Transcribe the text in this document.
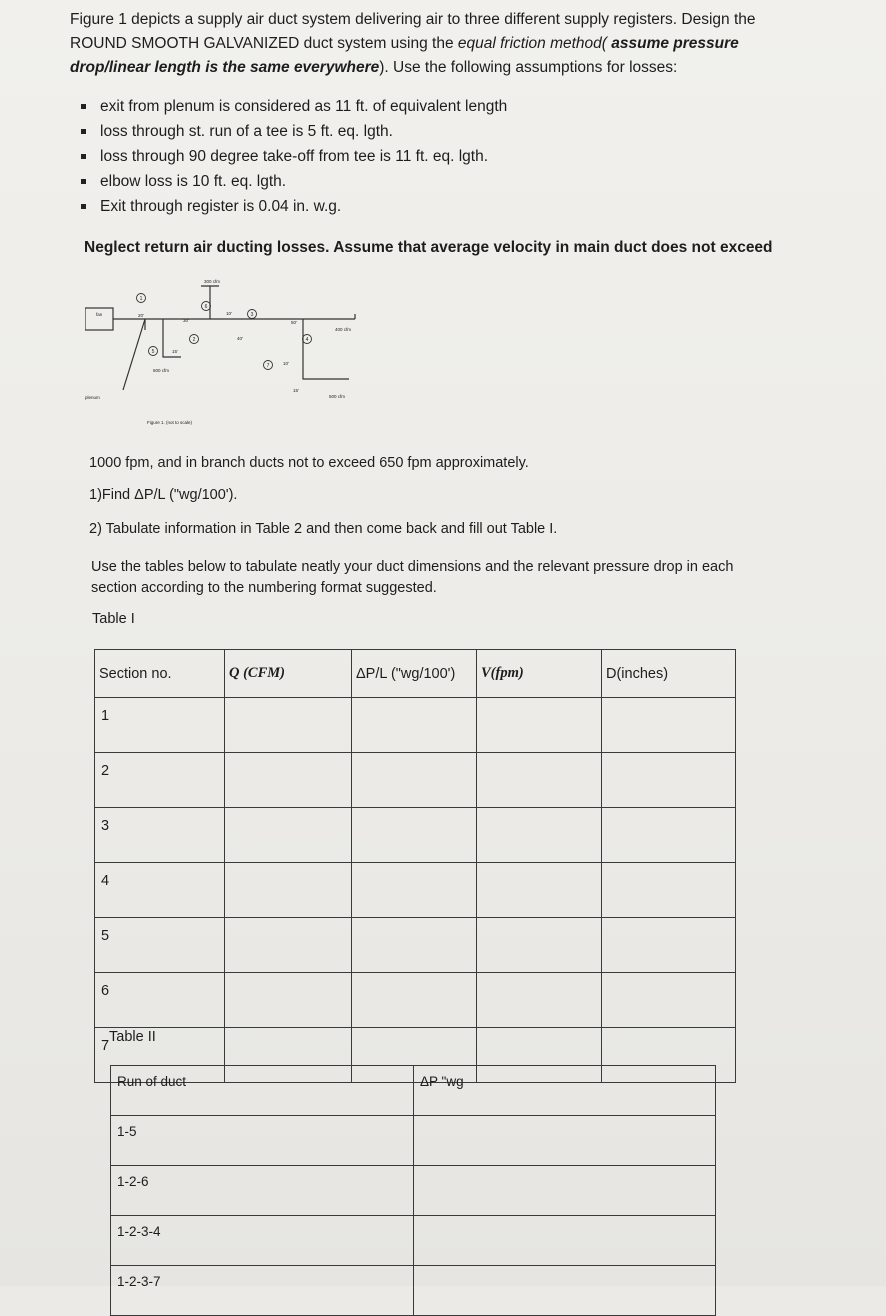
Figure 1 depicts a supply air duct system delivering air to three different supply registers. Design the ROUND SMOOTH GALVANIZED duct system using the equal friction method( assume pressure drop/linear length is the same everywhere). Use the following assumptions for losses:
exit from plenum is considered as 11 ft. of equivalent length
loss through st. run of a tee is 5 ft. eq. lgth.
loss through 90 degree take-off from tee is 11 ft. eq. lgth.
elbow loss is 10 ft. eq. lgth.
Exit through register is 0.04 in. w.g.
Neglect return air ducting losses. Assume that average velocity in main duct does not exceed
1
2
3
4
5
6
7
fan
plenum
20'
30'
10'
40'
50'
15'
10'
15'
300 cfm
400 cfm
600 cfm
500 cfm
Figure 1. (not to scale)
1000 fpm, and in branch ducts not to exceed 650 fpm approximately.
1)Find ΔP/L ("wg/100').
2) Tabulate information in Table 2 and then come back and fill out Table I.
Use the tables below to tabulate neatly your duct dimensions and the relevant pressure drop in each section according to the numbering format suggested.
Table I
Section no.	Q (CFM)	ΔP/L ("wg/100')	V(fpm)	D(inches)
1				
2				
3				
4				
5				
6				
7				
Table II
Run of duct	ΔP "wg
1-5	
1-2-6	
1-2-3-4	
1-2-3-7	
